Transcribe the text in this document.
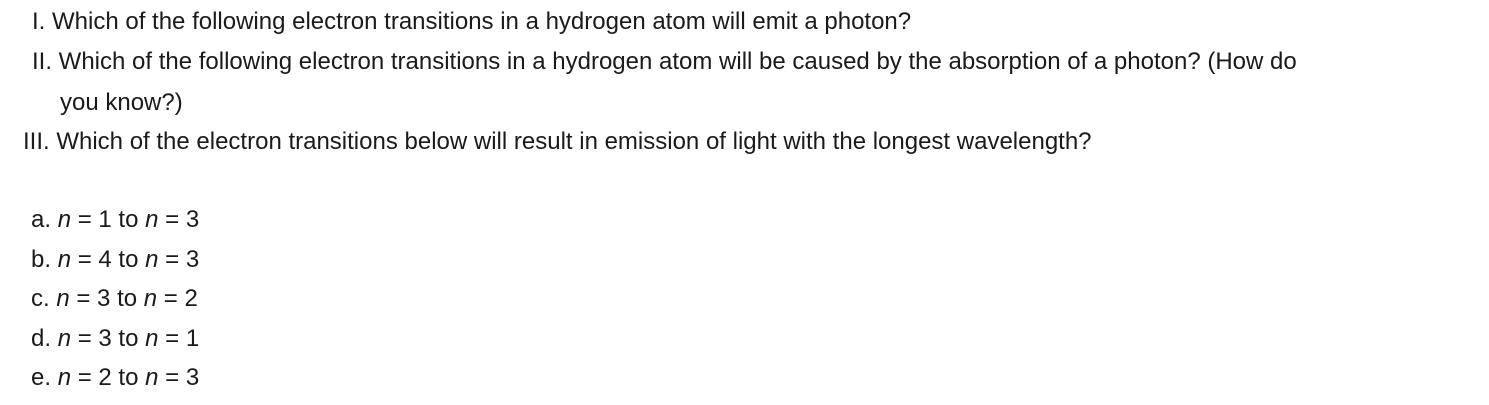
I. Which of the following electron transitions in a hydrogen atom will emit a photon?
II. Which of the following electron transitions in a hydrogen atom will be caused by the absorption of a photon? (How do
you know?)
III. Which of the electron transitions below will result in emission of light with the longest wavelength?
a. n = 1 to n = 3
b. n = 4 to n = 3
c. n = 3 to n = 2
d. n = 3 to n = 1
e. n = 2 to n = 3
